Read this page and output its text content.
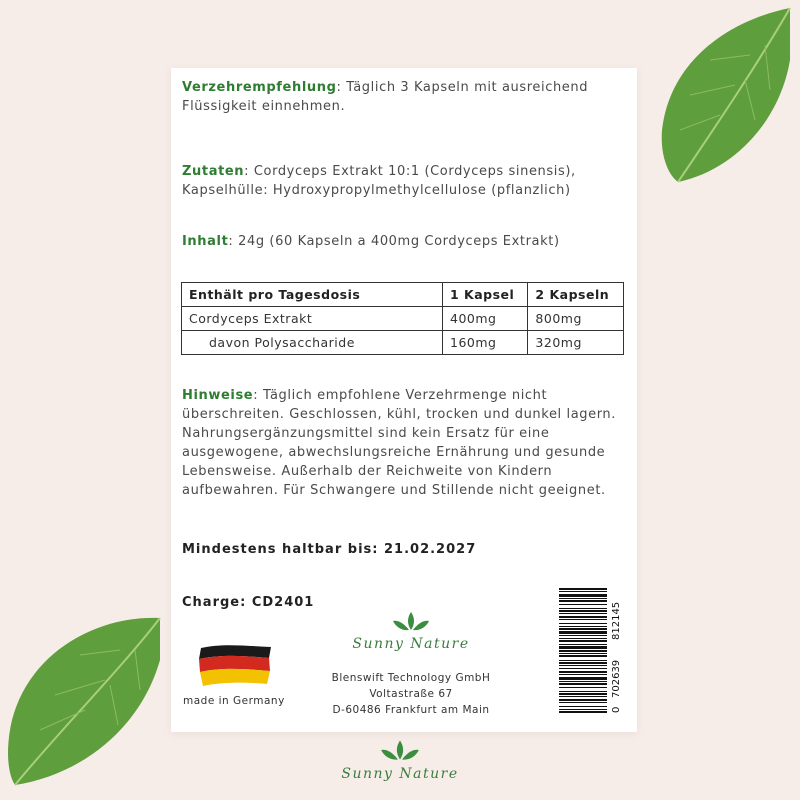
Verzehrempfehlung: Täglich 3 Kapseln mit ausreichend Flüssigkeit einnehmen.
Zutaten: Cordyceps Extrakt 10:1 (Cordyceps sinensis), Kapselhülle: Hydroxypropylmethylcellulose (pflanzlich)
Inhalt: 24g (60 Kapseln a 400mg Cordyceps Extrakt)
Enthält pro Tagesdosis	1 Kapsel	2 Kapseln
Cordyceps Extrakt	400mg	800mg
davon Polysaccharide	160mg	320mg
Hinweise: Täglich empfohlene Verzehrmenge nicht überschreiten. Geschlossen, kühl, trocken und dunkel lagern. Nahrungsergänzungsmittel sind kein Ersatz für eine ausgewogene, abwechslungsreiche Ernährung und gesunde Lebensweise. Außerhalb der Reichweite von Kindern aufbewahren. Für Schwangere und Stillende nicht geeignet.
Mindestens haltbar bis: 21.02.2027
Charge: CD2401
made in Germany
Sunny Nature
Blenswift Technology GmbH
Voltastraße 67
D-60486 Frankfurt am Main	0
702639
812145
Sunny Nature
